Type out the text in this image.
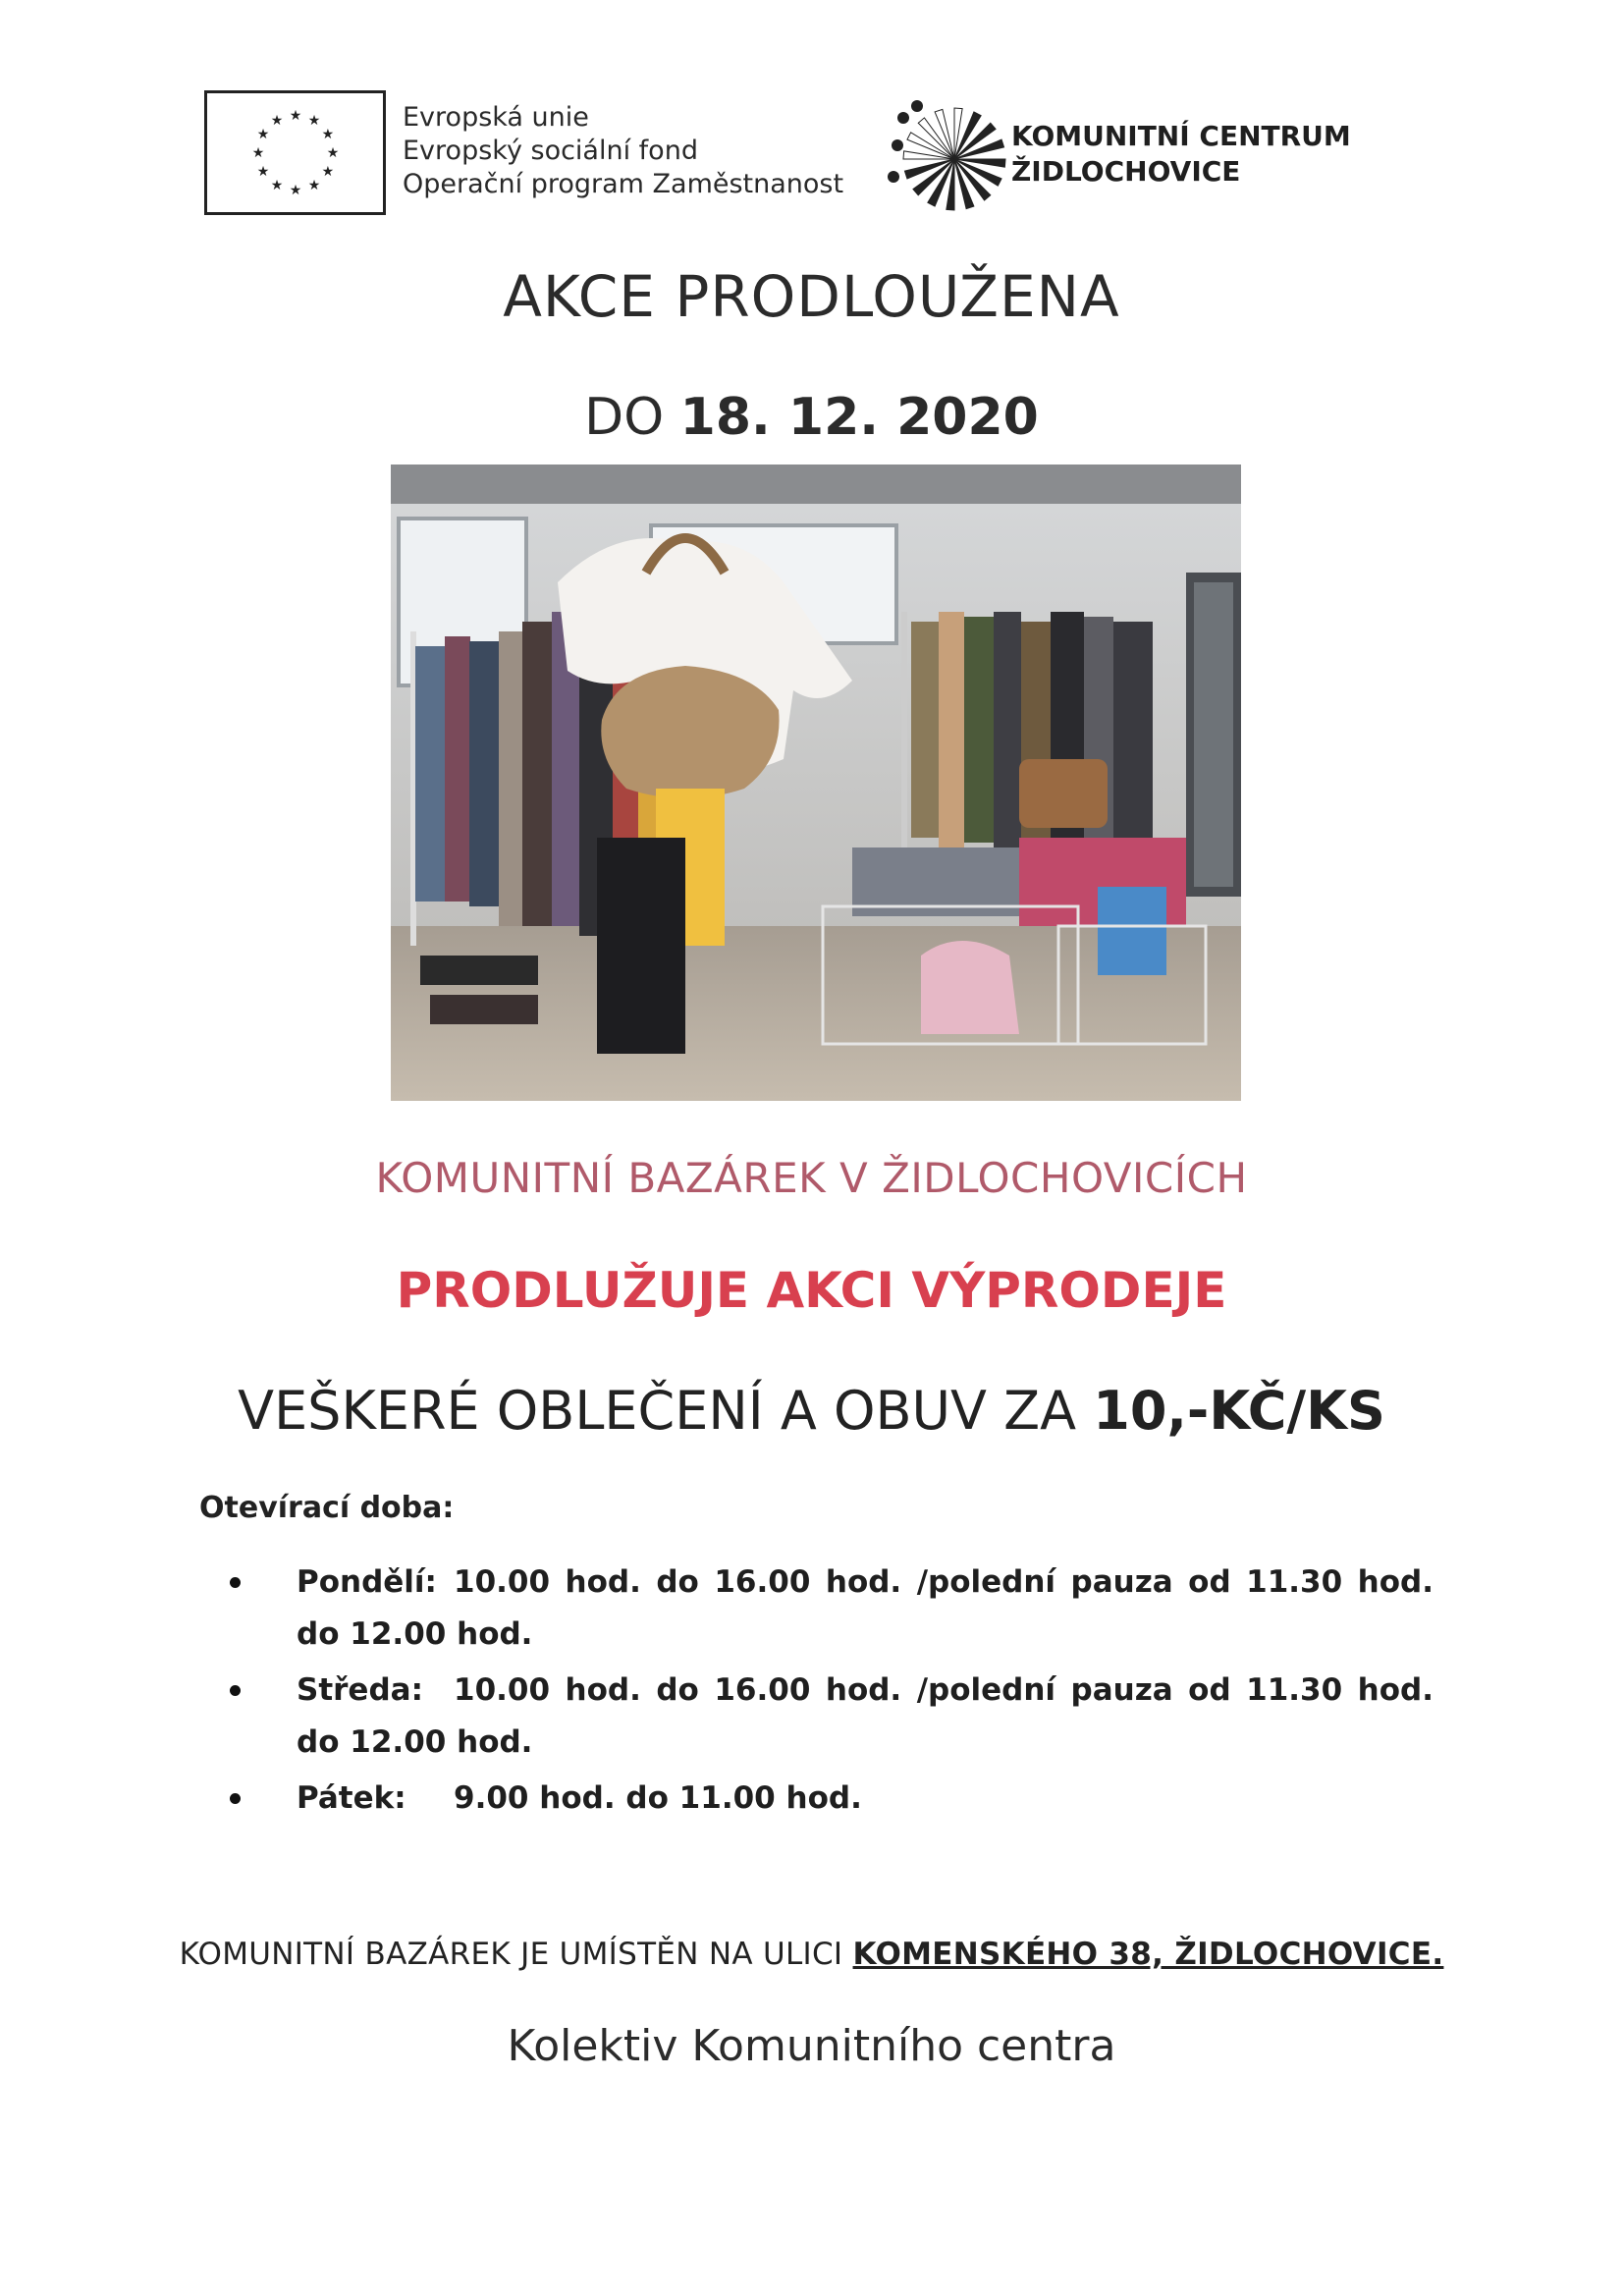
★ ★
★
★
★
★
★
★
★
★
★
★	Evropská unie
Evropský sociální fond
Operační program Zaměstnanost
KOMUNITNÍ CENTRUM
ŽIDLOCHOVICE
AKCE PRODLOUŽENA
DO 18. 12. 2020
KOMUNITNÍ BAZÁREK V ŽIDLOCHOVICÍCH
PRODLUŽUJE AKCI VÝPRODEJE
VEŠKERÉ OBLEČENÍ A OBUV ZA 10,-KČ/KS
Otevírací doba:
Pondělí: 10.00 hod. do 16.00 hod. /polední pauza od 11.30 hod. do 12.00 hod.
Středa: 10.00 hod. do 16.00 hod. /polední pauza od 11.30 hod. do 12.00 hod.
Pátek: 9.00 hod. do 11.00 hod.
KOMUNITNÍ BAZÁREK JE UMÍSTĚN NA ULICI KOMENSKÉHO 38, ŽIDLOCHOVICE.
Kolektiv Komunitního centra
